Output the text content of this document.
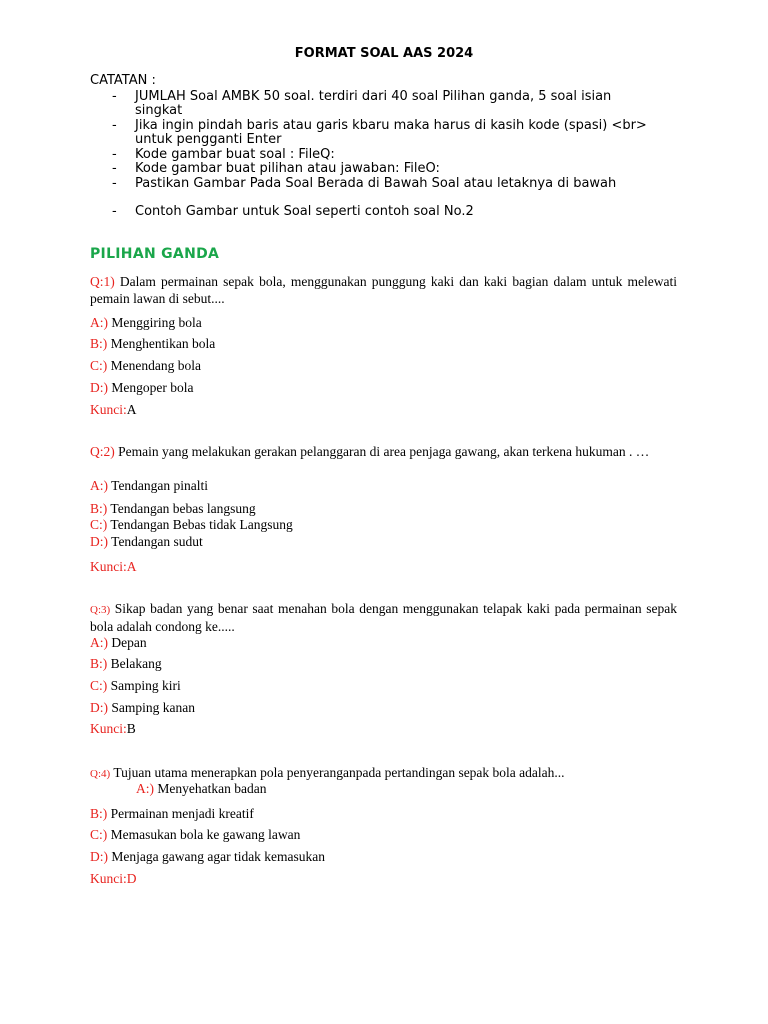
FORMAT SOAL AAS 2024
CATATAN :
- JUMLAH Soal AMBK 50 soal. terdiri dari 40 soal Pilihan ganda, 5 soal isian singkat
- Jika ingin pindah baris atau garis kbaru maka harus di kasih kode (spasi) <br> untuk pengganti Enter
- Kode gambar buat soal : FileQ:
- Kode gambar buat pilihan atau jawaban: FileO:
- Pastikan Gambar Pada Soal Berada di Bawah Soal atau letaknya di bawah
- Contoh Gambar untuk Soal seperti contoh soal No.2
PILIHAN GANDA
Q:1) Dalam permainan sepak bola, menggunakan punggung kaki dan kaki bagian dalam untuk melewati pemain lawan di sebut....
A:) Menggiring bola
B:) Menghentikan bola
C:) Menendang bola
D:) Mengoper bola
Kunci:A
Q:2) Pemain yang melakukan gerakan pelanggaran di area penjaga gawang, akan terkena hukuman . …
A:) Tendangan pinalti
B:) Tendangan bebas langsung
C:) Tendangan Bebas tidak Langsung
D:) Tendangan sudut
Kunci:A
Q:3) Sikap badan yang benar saat menahan bola dengan menggunakan telapak kaki pada permainan sepak bola adalah condong ke.....
A:) Depan
B:) Belakang
C:) Samping kiri
D:) Samping kanan
Kunci:B
Q:4) Tujuan utama menerapkan pola penyeranganpada pertandingan sepak bola adalah...
A:) Menyehatkan badan
B:) Permainan menjadi kreatif
C:) Memasukan bola ke gawang lawan
D:) Menjaga gawang agar tidak kemasukan
Kunci:D
